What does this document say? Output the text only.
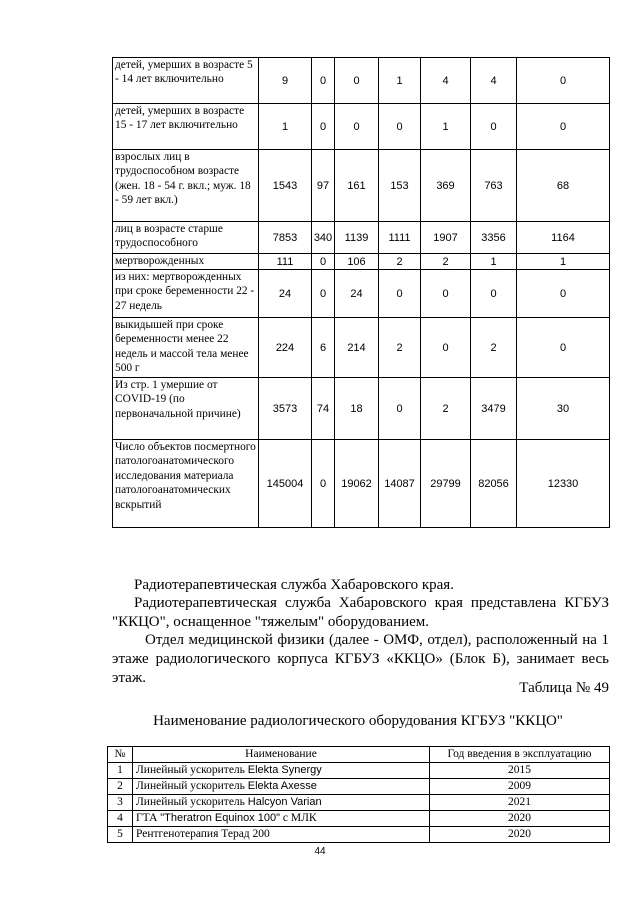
детей, умерших в возрасте 5 - 14 лет включительно	9	0	0	1	4	4	0
детей, умерших в возрасте 15 - 17 лет включительно	1	0	0	0	1	0	0
взрослых лиц в трудоспособном возрасте (жен. 18 - 54 г. вкл.; муж. 18 - 59 лет вкл.)	1543	97	161	153	369	763	68
лиц в возрасте старше трудоспособного	7853	340	1139	1111	1907	3356	1164
мертворожденных	111	0	106	2	2	1	1
из них: мертворожденных при сроке беременности 22 - 27 недель	24	0	24	0	0	0	0
выкидышей при сроке беременности менее 22 недель и массой тела менее 500 г	224	6	214	2	0	2	0
Из стр. 1 умершие от COVID-19 (по первоначальной причине)	3573	74	18	0	2	3479	30
Число объектов посмертного патологоанатомического исследования материала патологоанатомических вскрытий	145004	0	19062	14087	29799	82056	12330

Радиотерапевтическая служба Хабаровского края.

Радиотерапевтическая служба Хабаровского края представлена КГБУЗ

"ККЦО", оснащенное "тяжелым" оборудованием.

Отдел медицинской физики (далее - ОМФ, отдел), расположенный на 1

этаже радиологического корпуса КГБУЗ «ККЦО» (Блок Б), занимает весь

этаж.

Таблица № 49

Наименование радиологического оборудования КГБУЗ "ККЦО"

№	Наименование	Год введения в эксплуатацию
1	Линейный ускоритель Elekta Synergy	2015
2	Линейный ускоритель Elekta Axesse	2009
3	Линейный ускоритель Halcyon Varian	2021
4	ГТА "Theratron Equinox 100" с МЛК	2020
5	Рентгенотерапия Терад 200	2020
44
